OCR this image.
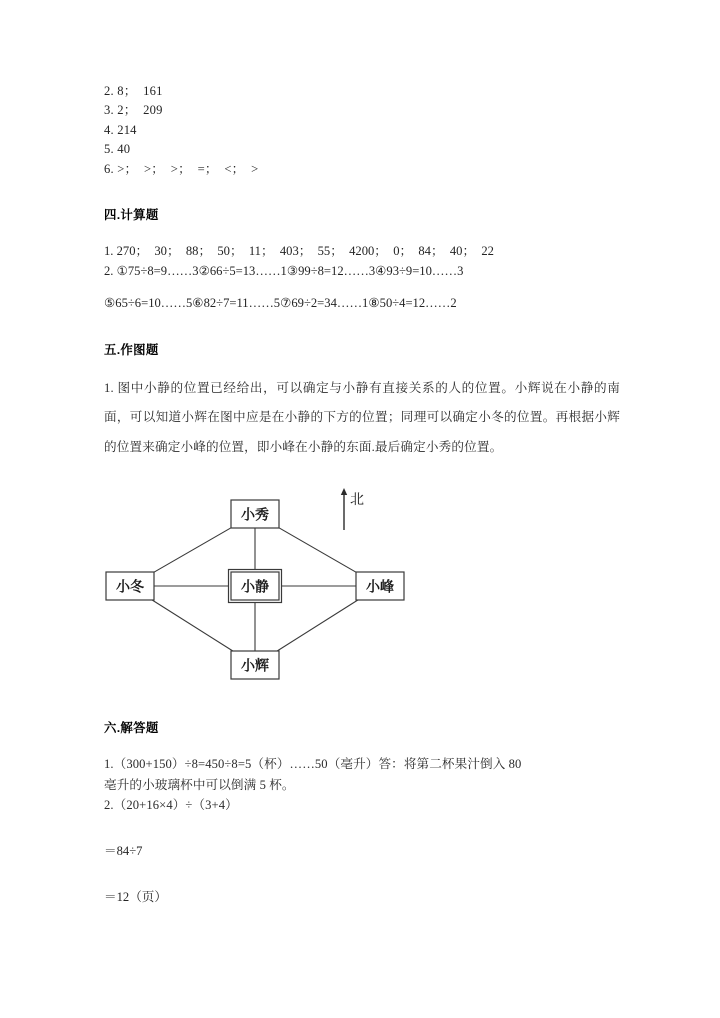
2. 8；  161
3. 2；  209
4. 214
5. 40
6. >；  >；  >；  =；  <；  >
四.计算题
1. 270；  30；  88；  50；  11；  403；  55；  4200；  0；  84；  40；  22
2. ①75÷8=9……3②66÷5=13……1③99÷8=12……3④93÷9=10……3
⑤65÷6=10……5⑥82÷7=11……5⑦69÷2=34……1⑧50÷4=12……2
五.作图题
1. 图中小静的位置已经给出，可以确定与小静有直接关系的人的位置。小辉说在小静的南面，可以知道小辉在图中应是在小静的下方的位置；同理可以确定小冬的位置。再根据小辉的位置来确定小峰的位置，即小峰在小静的东面.最后确定小秀的位置。
小秀
小冬	小静	小峰
小辉
北
六.解答题
1.（300+150）÷8=450÷8=5（杯）……50（亳升）答：将第二杯果汁倒入 80
亳升的小玻璃杯中可以倒满 5 杯。
2.（20+16×4）÷（3+4）
＝84÷7
＝12（页）
